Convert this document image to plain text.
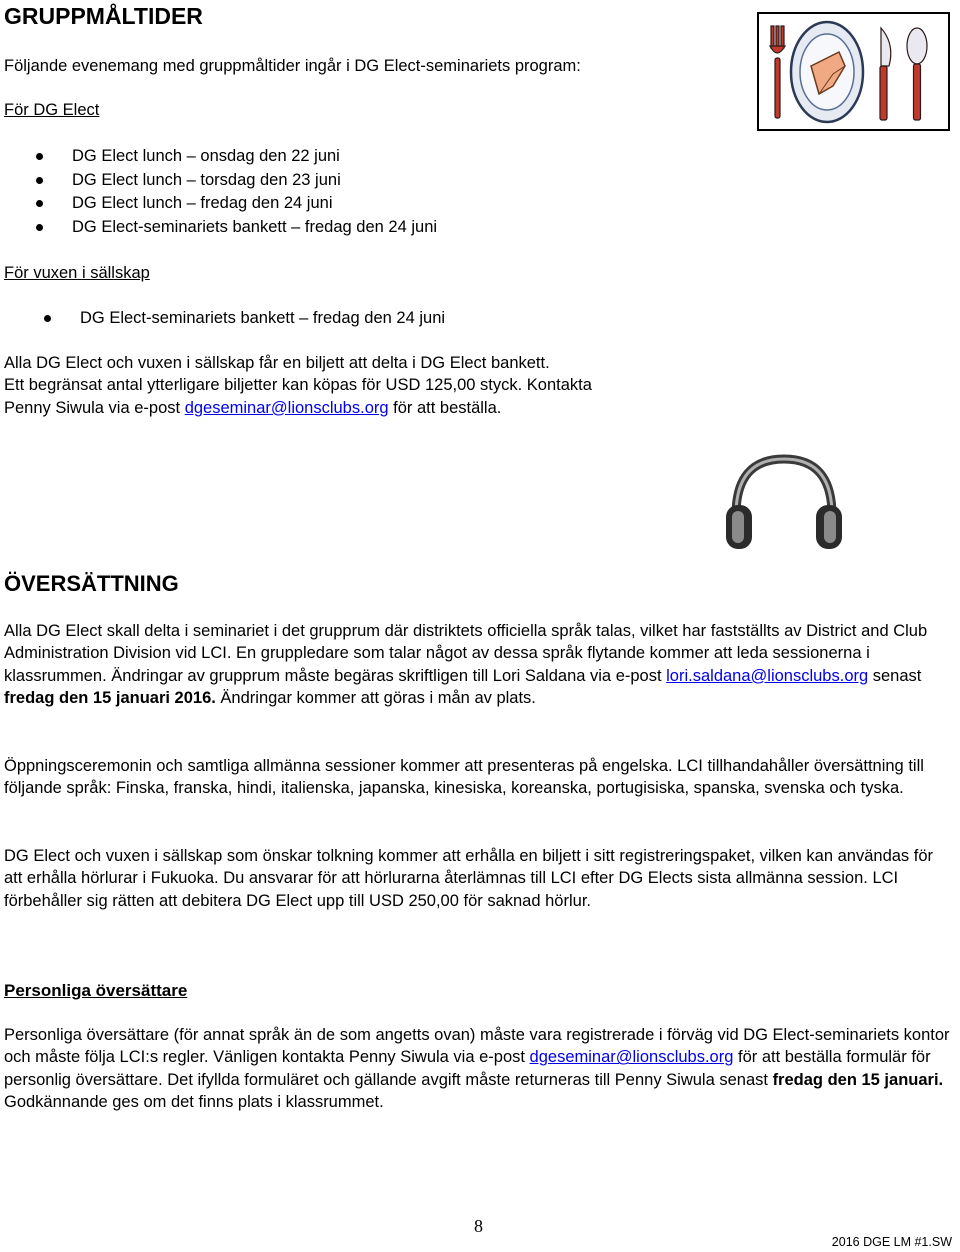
GRUPPMÅLTIDER
Följande evenemang med gruppmåltider ingår i DG Elect-seminariets program:
För DG Elect
DG Elect lunch – onsdag den 22 juni
DG Elect lunch – torsdag den 23 juni
DG Elect lunch – fredag den 24 juni
DG Elect-seminariets bankett – fredag den 24 juni
För vuxen i sällskap
DG Elect-seminariets bankett – fredag den 24 juni
Alla DG Elect och vuxen i sällskap får en biljett att delta i DG Elect bankett.
Ett begränsat antal ytterligare biljetter kan köpas för USD 125,00 styck. Kontakta
Penny Siwula via e-post dgeseminar@lionsclubs.org för att beställa.
ÖVERSÄTTNING
Alla DG Elect skall delta i seminariet i det grupprum där distriktets officiella språk talas, vilket har fastställts av District and Club Administration Division vid LCI. En gruppledare som talar något av dessa språk flytande kommer att leda sessionerna i klassrummen. Ändringar av grupprum måste begäras skriftligen till Lori Saldana via e-post lori.saldana@lionsclubs.org senast fredag den 15 januari 2016. Ändringar kommer att göras i mån av plats.
Öppningsceremonin och samtliga allmänna sessioner kommer att presenteras på engelska. LCI tillhandahåller översättning till följande språk: Finska, franska, hindi, italienska, japanska, kinesiska, koreanska, portugisiska, spanska, svenska och tyska.
DG Elect och vuxen i sällskap som önskar tolkning kommer att erhålla en biljett i sitt registreringspaket, vilken kan användas för att erhålla hörlurar i Fukuoka. Du ansvarar för att hörlurarna återlämnas till LCI efter DG Elects sista allmänna session. LCI förbehåller sig rätten att debitera DG Elect upp till USD 250,00 för saknad hörlur.
Personliga översättare
Personliga översättare (för annat språk än de som angetts ovan) måste vara registrerade i förväg vid DG Elect-seminariets kontor och måste följa LCI:s regler. Vänligen kontakta Penny Siwula via e-post dgeseminar@lionsclubs.org för att beställa formulär för personlig översättare. Det ifyllda formuläret och gällande avgift måste returneras till Penny Siwula senast fredag den 15 januari. Godkännande ges om det finns plats i klassrummet.
8
2016 DGE LM #1.SW
